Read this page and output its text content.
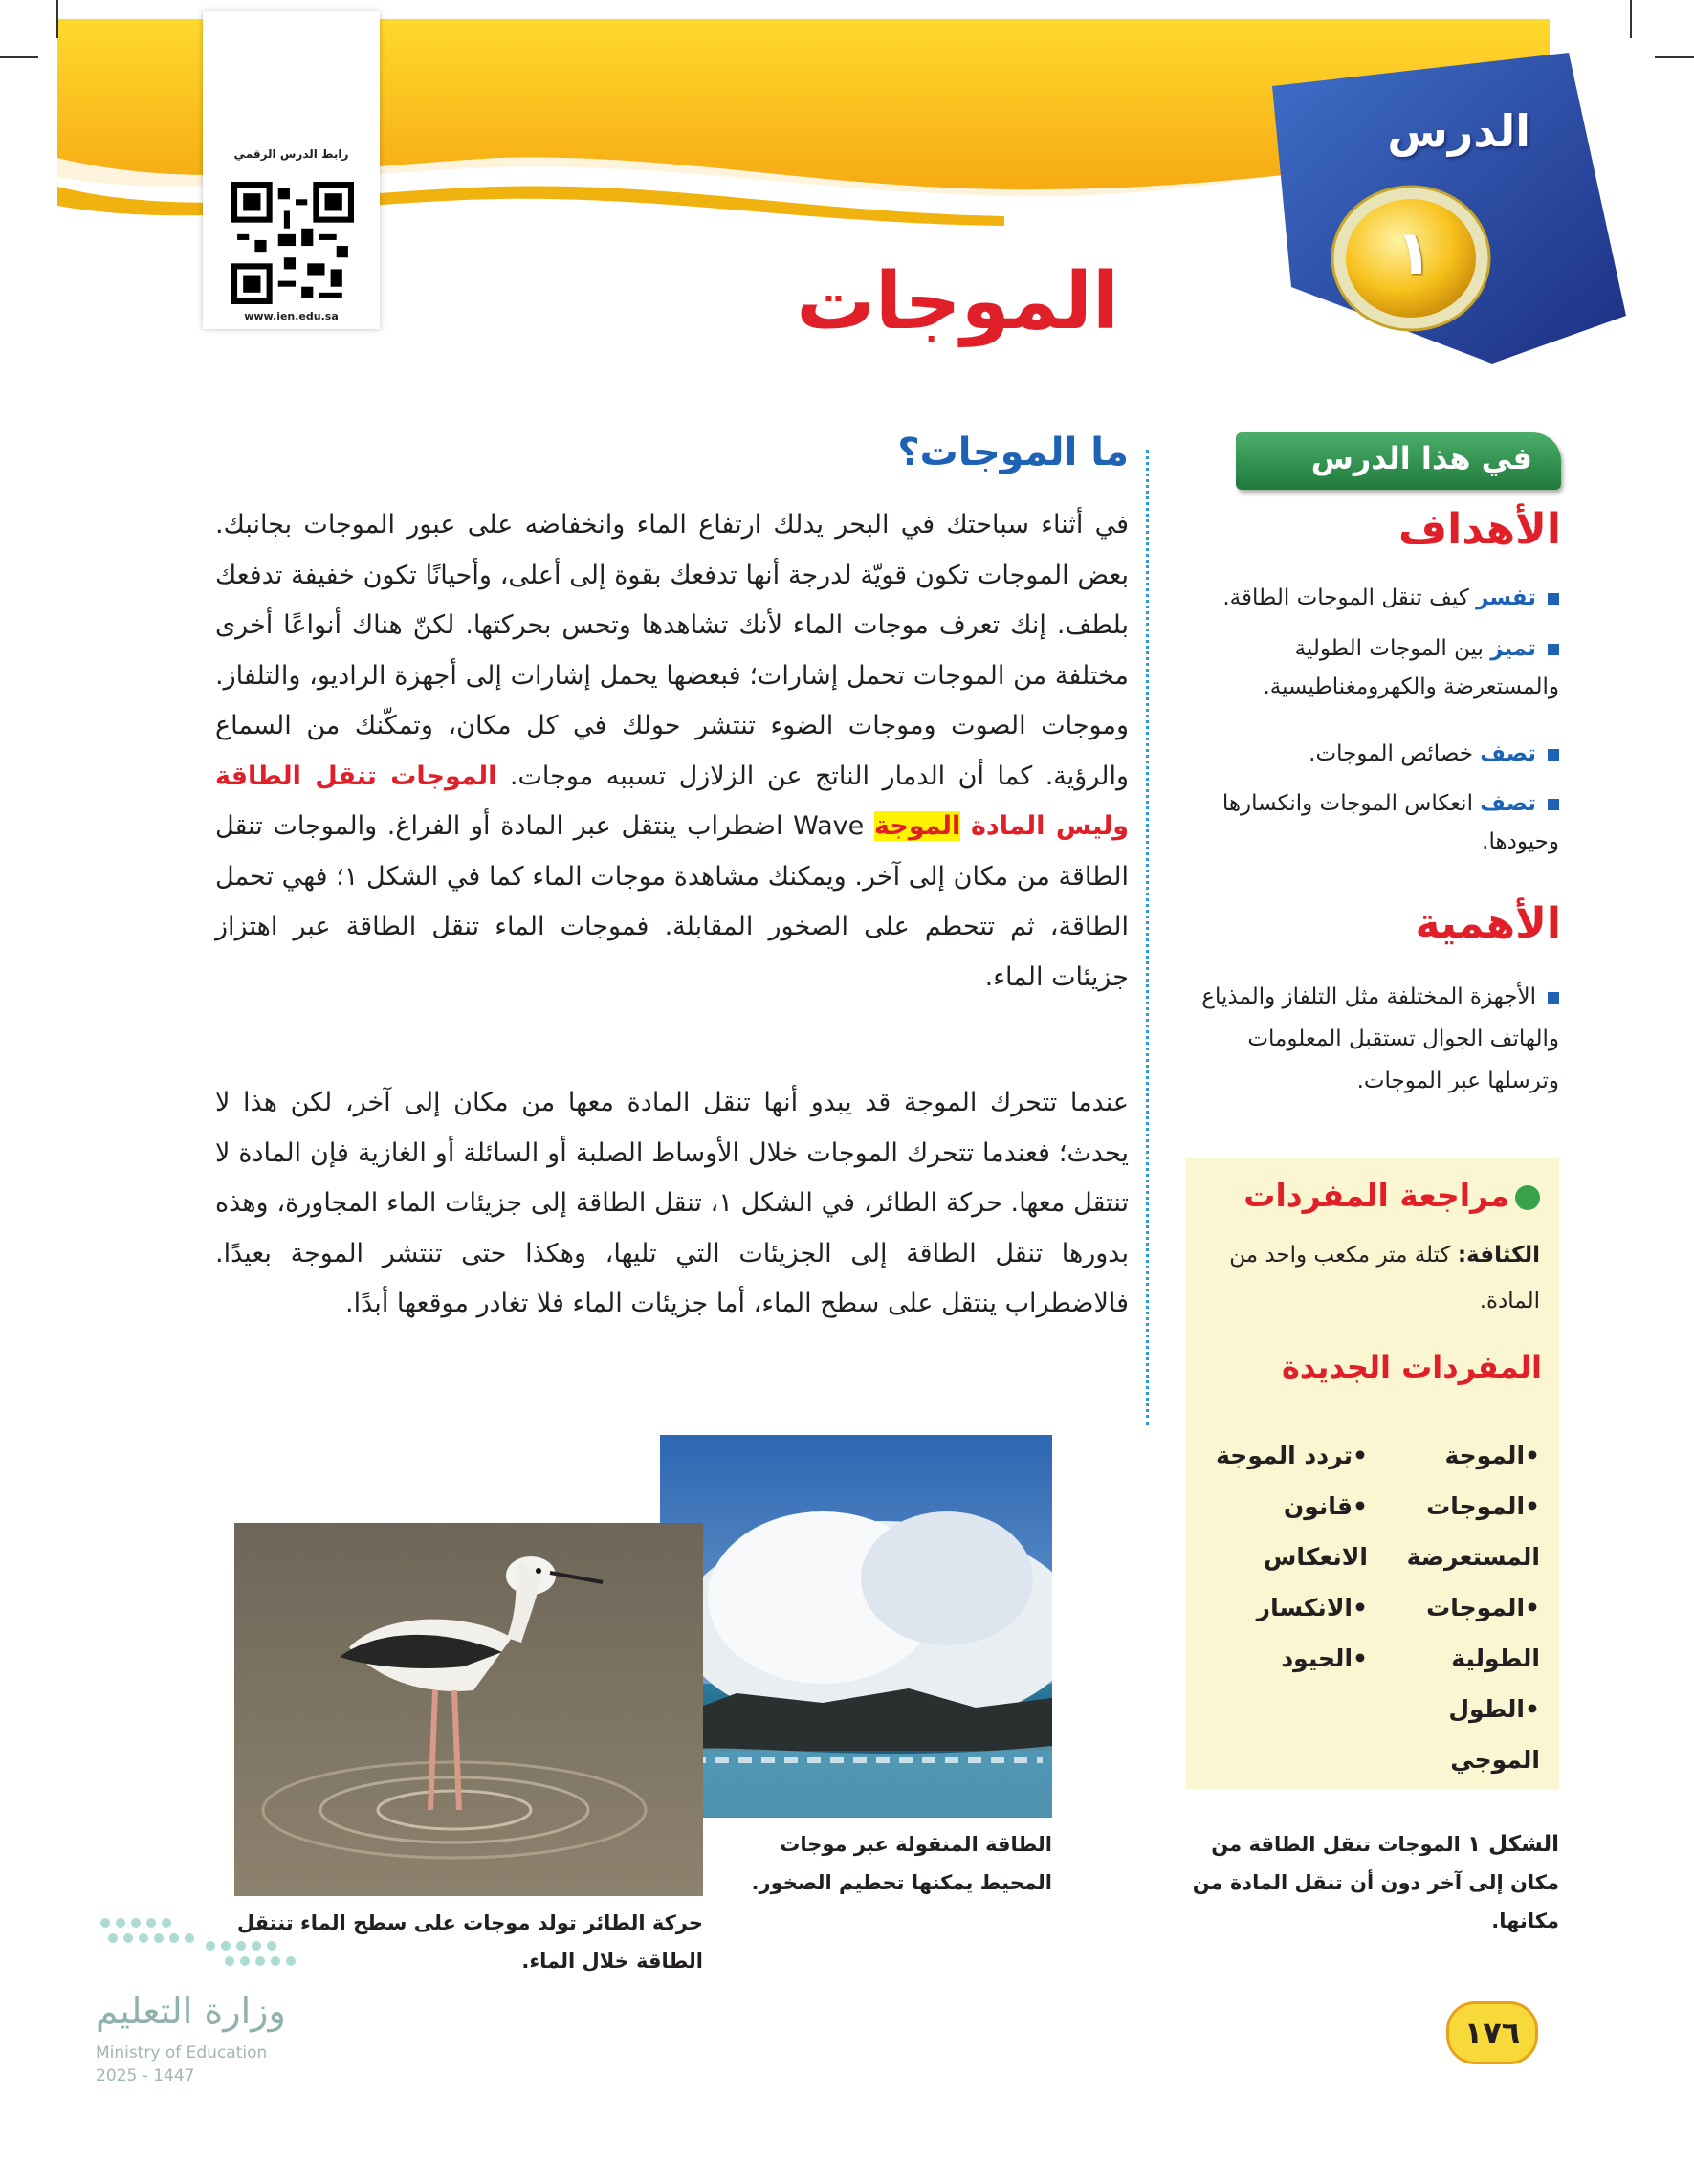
رابط الدرس الرقمي
www.ien.edu.sa
الدرس
١
الموجات
في هذا الدرس
الأهداف
تفسر كيف تنقل الموجات الطاقة.
تميز بين الموجات الطولية والمستعرضة والكهرومغناطيسية.
تصف خصائص الموجات.
تصف انعكاس الموجات وانكسارها وحيودها.
الأهمية
الأجهزة المختلفة مثل التلفاز والمذياع والهاتف الجوال تستقبل المعلومات وترسلها عبر الموجات.
مراجعة المفردات
الكثافة: كتلة متر مكعب واحد من المادة.
المفردات الجديدة
•الموجة
•الموجات المستعرضة
•الموجات الطولية
•الطول الموجي
•تردد الموجة
•قانون الانعكاس
•الانكسار
•الحيود
ما الموجات؟
في أثناء سباحتك في البحر يدلك ارتفاع الماء وانخفاضه على عبور الموجات بجانبك. بعض الموجات تكون قويّة لدرجة أنها تدفعك بقوة إلى أعلى، وأحيانًا تكون خفيفة تدفعك بلطف. إنك تعرف موجات الماء لأنك تشاهدها وتحس بحركتها. لكنّ هناك أنواعًا أخرى مختلفة من الموجات تحمل إشارات؛ فبعضها يحمل إشارات إلى أجهزة الراديو، والتلفاز. وموجات الصوت وموجات الضوء تنتشر حولك في كل مكان، وتمكّنك من السماع والرؤية. كما أن الدمار الناتج عن الزلازل تسببه موجات. الموجات تنقل الطاقة وليس المادة الموجة Wave اضطراب ينتقل عبر المادة أو الفراغ. والموجات تنقل الطاقة من مكان إلى آخر. ويمكنك مشاهدة موجات الماء كما في الشكل ١؛ فهي تحمل الطاقة، ثم تتحطم على الصخور المقابلة. فموجات الماء تنقل الطاقة عبر اهتزاز جزيئات الماء.
عندما تتحرك الموجة قد يبدو أنها تنقل المادة معها من مكان إلى آخر، لكن هذا لا يحدث؛ فعندما تتحرك الموجات خلال الأوساط الصلبة أو السائلة أو الغازية فإن المادة لا تنتقل معها. حركة الطائر، في الشكل ١، تنقل الطاقة إلى جزيئات الماء المجاورة، وهذه بدورها تنقل الطاقة إلى الجزيئات التي تليها، وهكذا حتى تنتشر الموجة بعيدًا. فالاضطراب ينتقل على سطح الماء، أما جزيئات الماء فلا تغادر موقعها أبدًا.
الطاقة المنقولة عبر موجات المحيط يمكنها تحطيم الصخور.
حركة الطائر تولد موجات على سطح الماء تنتقل الطاقة خلال الماء.
الشكل ١ الموجات تنقل الطاقة من مكان إلى آخر دون أن تنقل المادة من مكانها.
وزارة التعليم
Ministry of Education
2025 - 1447
١٧٦
